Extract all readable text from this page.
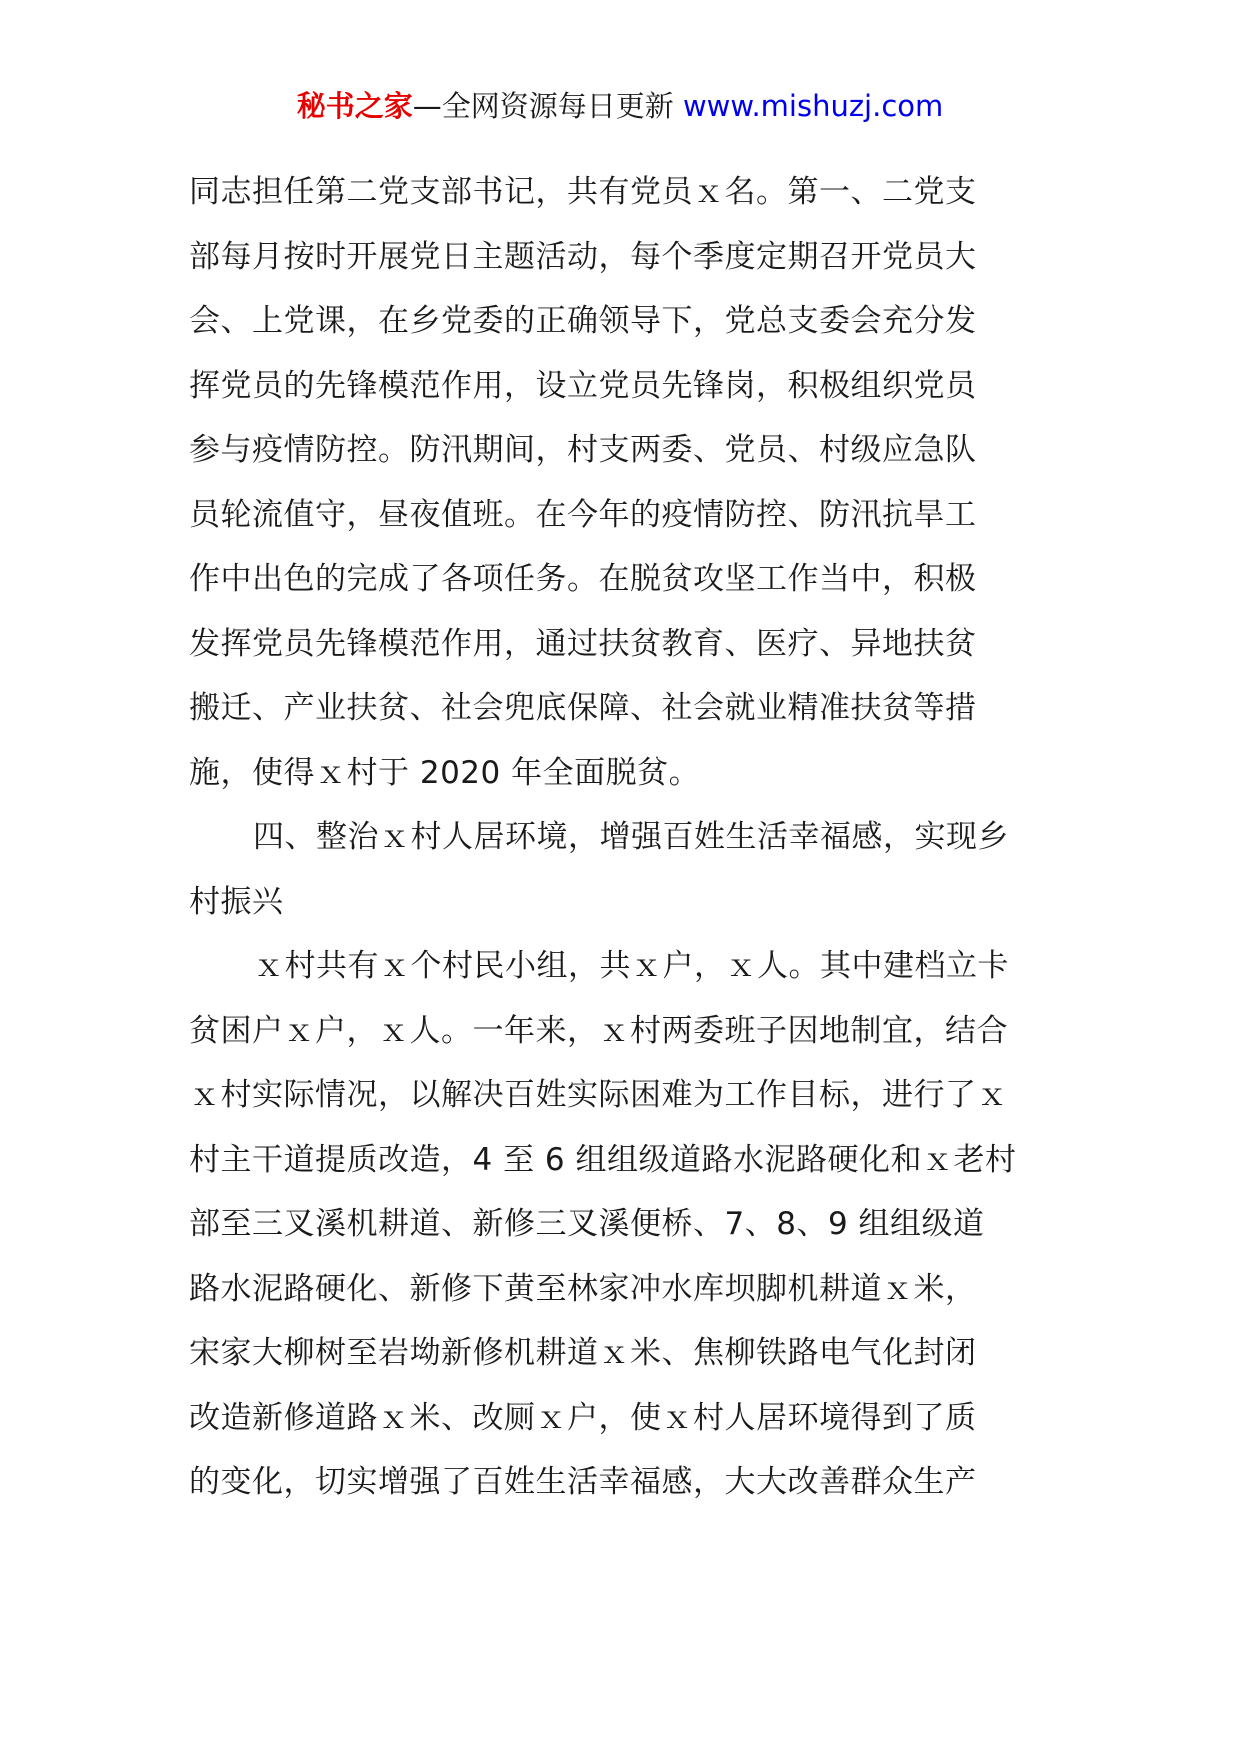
秘书之家—全网资源每日更新 www.mishuzj.com

同志担任第二党支部书记，共有党员ｘ名。第一、二党支
部每月按时开展党日主题活动，每个季度定期召开党员大
会、上党课，在乡党委的正确领导下，党总支委会充分发
挥党员的先锋模范作用，设立党员先锋岗，积极组织党员
参与疫情防控。防汛期间，村支两委、党员、村级应急队
员轮流值守，昼夜值班。在今年的疫情防控、防汛抗旱工
作中出色的完成了各项任务。在脱贫攻坚工作当中，积极
发挥党员先锋模范作用，通过扶贫教育、医疗、异地扶贫
搬迁、产业扶贫、社会兜底保障、社会就业精准扶贫等措
施，使得ｘ村于 2020 年全面脱贫。

四、整治ｘ村人居环境，增强百姓生活幸福感，实现乡
村振兴

ｘ村共有ｘ个村民小组，共ｘ户，ｘ人。其中建档立卡
贫困户ｘ户，ｘ人。一年来，ｘ村两委班子因地制宜，结合
ｘ村实际情况，以解决百姓实际困难为工作目标，进行了ｘ
村主干道提质改造，4 至 6 组组级道路水泥路硬化和ｘ老村
部至三叉溪机耕道、新修三叉溪便桥、7、8、9 组组级道
路水泥路硬化、新修下黄至林家冲水库坝脚机耕道ｘ米，
宋家大柳树至岩坳新修机耕道ｘ米、焦柳铁路电气化封闭
改造新修道路ｘ米、改厕ｘ户，使ｘ村人居环境得到了质
的变化，切实增强了百姓生活幸福感，大大改善群众生产
